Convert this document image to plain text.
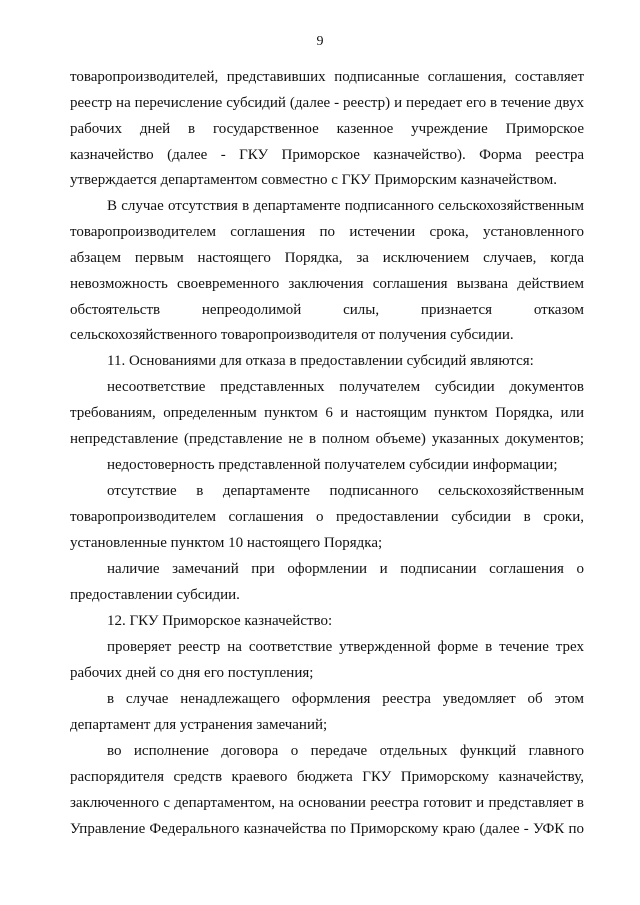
9
товаропроизводителей, представивших подписанные соглашения, составляет
реестр на перечисление субсидий (далее - реестр) и передает его в течение двух
рабочих дней в государственное казенное учреждение Приморское
казначейство (далее - ГКУ Приморское казначейство). Форма реестра
утверждается департаментом совместно с ГКУ Приморским казначейством.
В случае отсутствия в департаменте подписанного сельскохозяйственным
товаропроизводителем соглашения по истечении срока, установленного
абзацем первым настоящего Порядка, за исключением случаев, когда
невозможность своевременного заключения соглашения вызвана действием
обстоятельств непреодолимой силы, признается отказом
сельскохозяйственного товаропроизводителя от получения субсидии.
11. Основаниями для отказа в предоставлении субсидий являются:
несоответствие представленных получателем субсидии документов
требованиям, определенным пунктом 6 и настоящим пунктом Порядка, или
непредставление (представление не в полном объеме) указанных документов;
недостоверность представленной получателем субсидии информации;
отсутствие в департаменте подписанного сельскохозяйственным
товаропроизводителем соглашения о предоставлении субсидии в сроки,
установленные пунктом 10 настоящего Порядка;
наличие замечаний при оформлении и подписании соглашения о
предоставлении субсидии.
12. ГКУ Приморское казначейство:
проверяет реестр на соответствие утвержденной форме в течение трех
рабочих дней со дня его поступления;
в случае ненадлежащего оформления реестра уведомляет об этом
департамент для устранения замечаний;
во исполнение договора о передаче отдельных функций главного
распорядителя средств краевого бюджета ГКУ Приморскому казначейству,
заключенного с департаментом, на основании реестра готовит и представляет в
Управление Федерального казначейства по Приморскому краю (далее - УФК по
